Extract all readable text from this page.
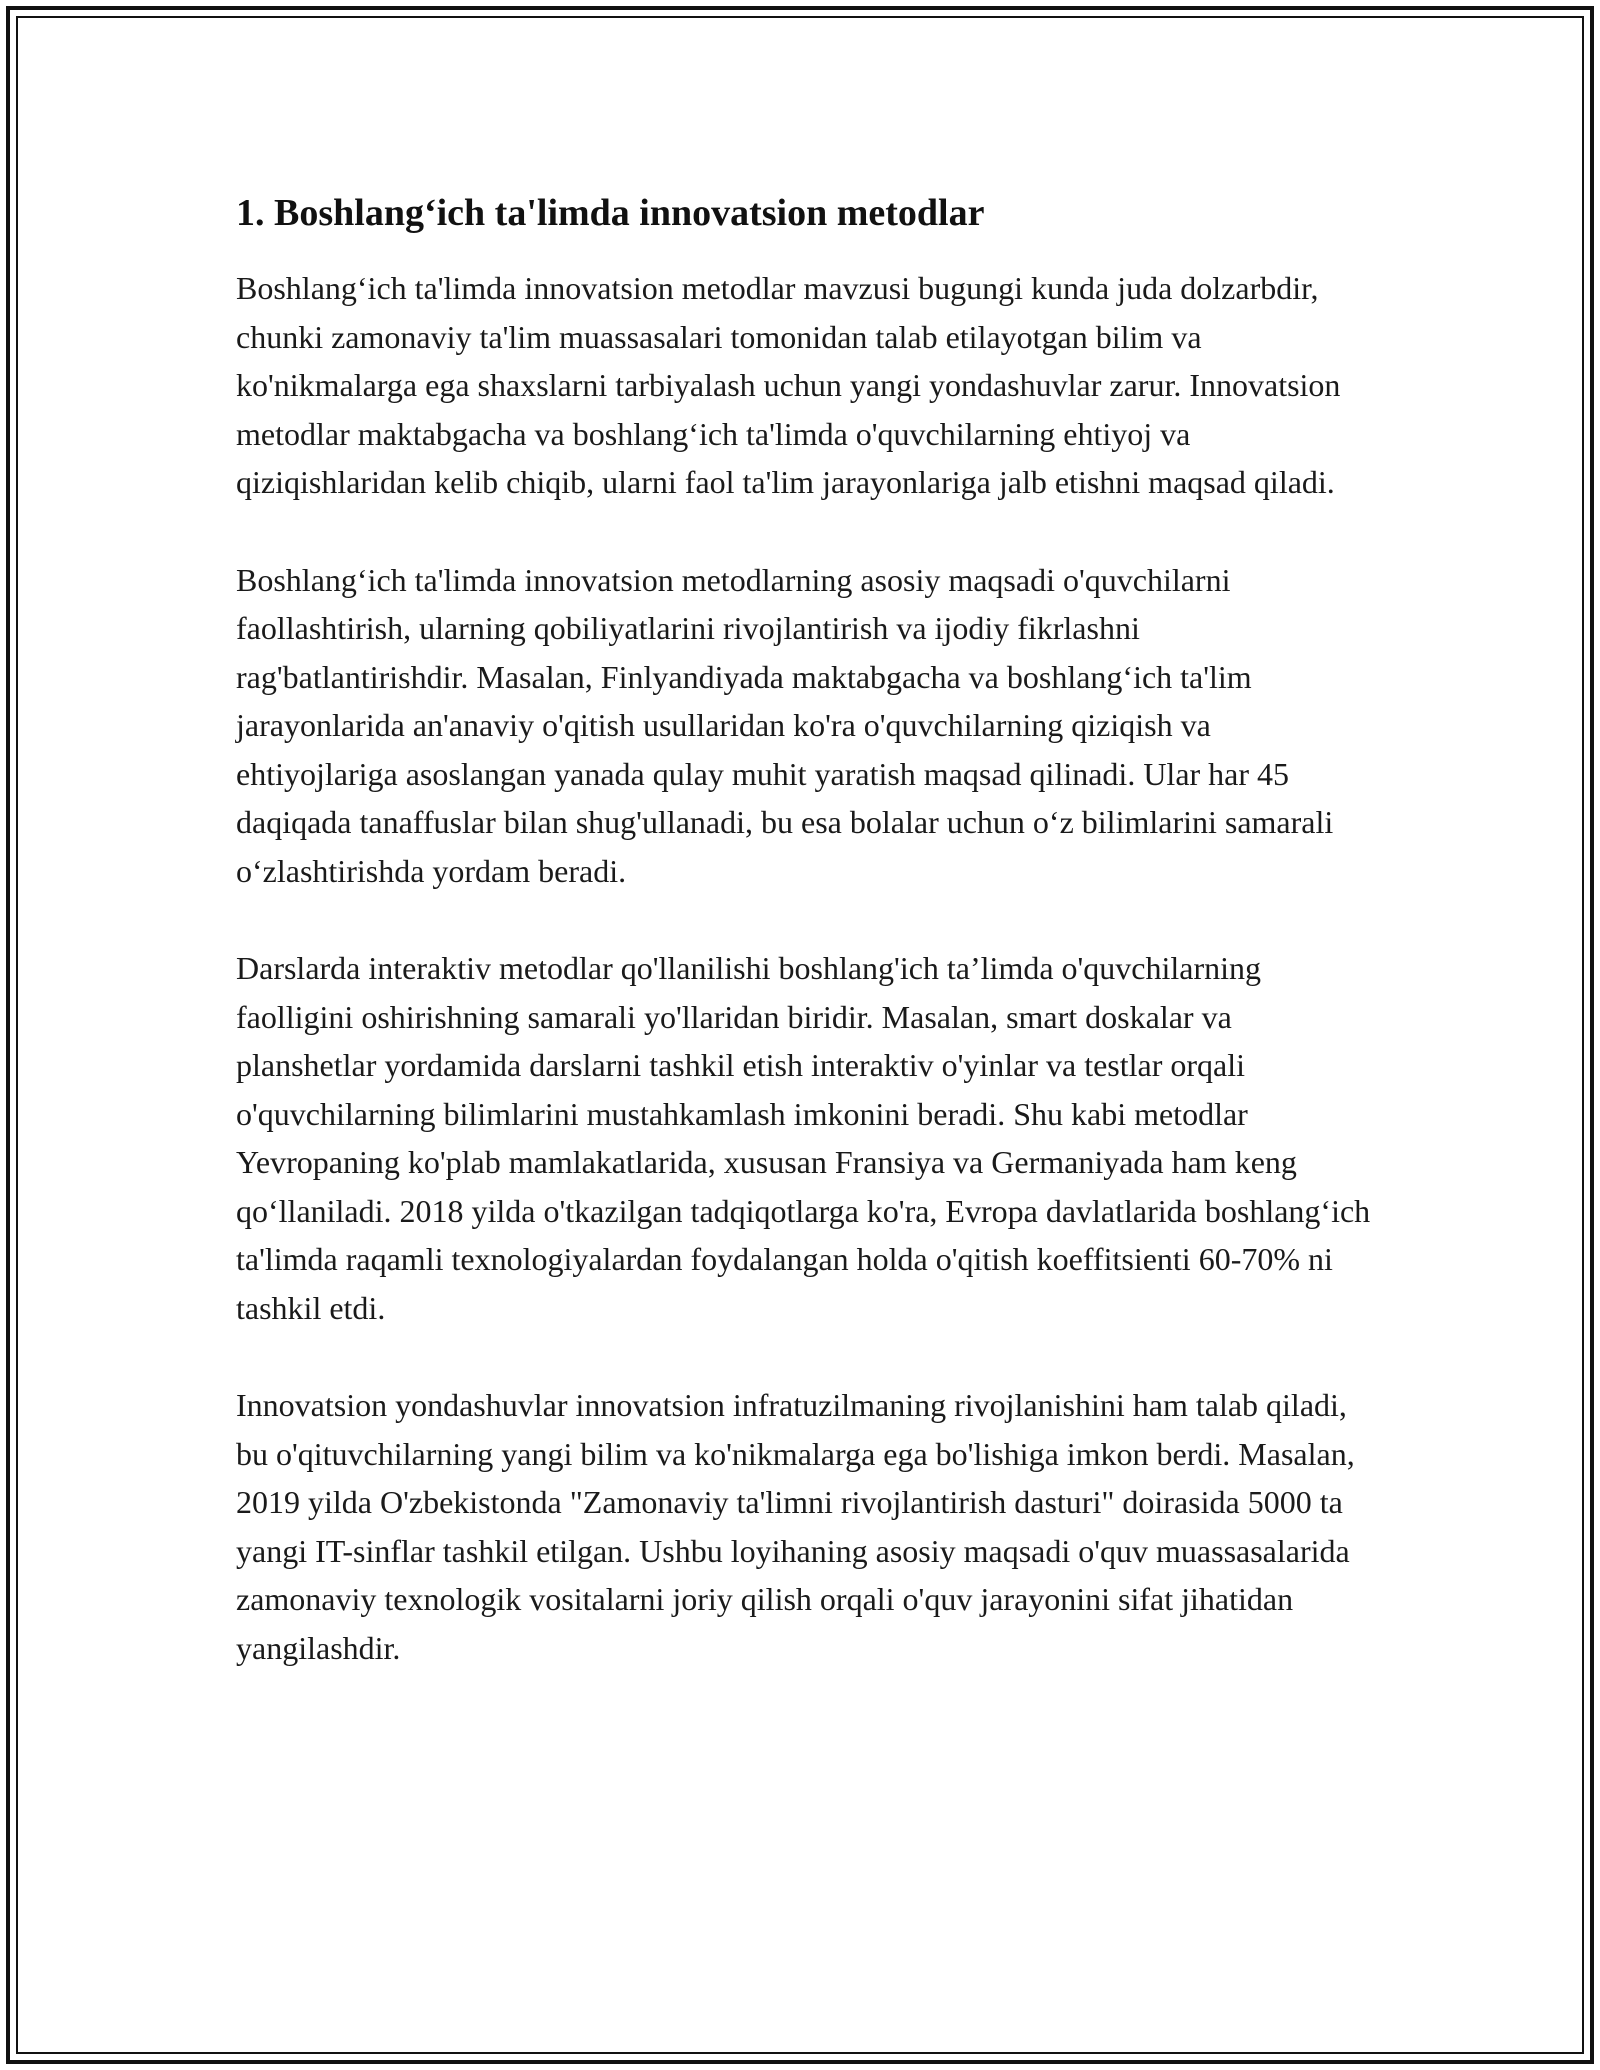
1. Boshlang‘ich ta'limda innovatsion metodlar

Boshlang‘ich ta'limda innovatsion metodlar mavzusi bugungi kunda juda dolzarbdir, chunki zamonaviy ta'lim muassasalari tomonidan talab etilayotgan bilim va ko'nikmalarga ega shaxslarni tarbiyalash uchun yangi yondashuvlar zarur. Innovatsion metodlar maktabgacha va boshlang‘ich ta'limda o'quvchilarning ehtiyoj va qiziqishlaridan kelib chiqib, ularni faol ta'lim jarayonlariga jalb etishni maqsad qiladi.

Boshlang‘ich ta'limda innovatsion metodlarning asosiy maqsadi o'quvchilarni faollashtirish, ularning qobiliyatlarini rivojlantirish va ijodiy fikrlashni rag'batlantirishdir. Masalan, Finlyandiyada maktabgacha va boshlang‘ich ta'lim jarayonlarida an'anaviy o'qitish usullaridan ko'ra o'quvchilarning qiziqish va ehtiyojlariga asoslangan yanada qulay muhit yaratish maqsad qilinadi. Ular har 45 daqiqada tanaffuslar bilan shug'ullanadi, bu esa bolalar uchun o‘z bilimlarini samarali o‘zlashtirishda yordam beradi.

Darslarda interaktiv metodlar qo'llanilishi boshlang'ich ta’limda o'quvchilarning faolligini oshirishning samarali yo'llaridan biridir. Masalan, smart doskalar va planshetlar yordamida darslarni tashkil etish interaktiv o'yinlar va testlar orqali o'quvchilarning bilimlarini mustahkamlash imkonini beradi. Shu kabi metodlar Yevropaning ko'plab mamlakatlarida, xususan Fransiya va Germaniyada ham keng qo‘llaniladi. 2018 yilda o'tkazilgan tadqiqotlarga ko'ra, Evropa davlatlarida boshlang‘ich ta'limda raqamli texnologiyalardan foydalangan holda o'qitish koeffitsienti 60-70% ni tashkil etdi.

Innovatsion yondashuvlar innovatsion infratuzilmaning rivojlanishini ham talab qiladi, bu o'qituvchilarning yangi bilim va ko'nikmalarga ega bo'lishiga imkon berdi. Masalan, 2019 yilda O'zbekistonda "Zamonaviy ta'limni rivojlantirish dasturi" doirasida 5000 ta yangi IT-sinflar tashkil etilgan. Ushbu loyihaning asosiy maqsadi o'quv muassasalarida zamonaviy texnologik vositalarni joriy qilish orqali o'quv jarayonini sifat jihatidan yangilashdir.
